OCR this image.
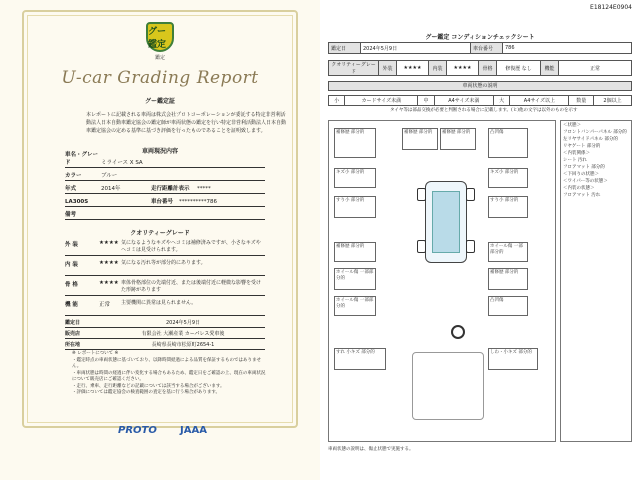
グー鑑定
鑑定
U-car Grading Report
グー鑑定証
本レポートに記載される車両は株式会社プロトコーポレーションが委託する特定非営利活動法人日本自動車鑑定協会の鑑定師が車両状態の鑑定を行い特定非営利活動法人日本自動車鑑定協会の定める基準に基づき評価を行ったものであることを証明致します。
車両現況内容
車名・グレード	ミライース X SA
カラー	ブルー
年式	2014年	走行距離計表示	*****
LA300S	車台番号	**********786
備考
クオリティーグレード
外 装	★★★★ 気になるようなキズやヘコミは補修済みですが、小さなキズやヘコミは見受けられます。
内 装	★★★★ 気になる汚れ等が部分的にあります。
骨 格	★★★★ 車体骨格部位の先端付近、または後端付近に軽微な影響を受けた形跡があります
機 能	正常	主要機関に異常は見られません。
鑑定日	2024年5月9日
販売店	有限会社 大瀬産業 カーパレス愛車後
所在地	長崎県長崎市松原町2654-1
※ レポートについて ※
・鑑定時点の車両状態に基づいており、以降時間経過による品質を保証するものではありません。
・車両状態は時間の経過に伴い変化する場合もあるため、鑑定日をご確認の上、現在の車両状況について販売店にご確認ください。
・走行、乗車、走行距離などの記載については該当する場合がございます。
・評価については鑑定協会の検査範囲の査定を基に行う場合があります。
PROTO JAAA
E18124E0904
グー鑑定 コンディションチェックシート
鑑定日	2024年5月9日	車台番号	786
クオリティーグレード	外装	★★★★	内装	★★★★	骨格	修復歴 なし	機能	正常
車両状態の説明
小	カードサイズ未満	中	A4サイズ未満	大	A4サイズ以上	数量	2個以上
タイヤ等は部品交換が必要と判断される場合に記載します。(ヒ)他の文字は以外のものを示す
補修歴 部分的	補修歴 部分的	補修歴 部分的	凸凹傷
キズ小 部分的	キズ小 部分的
すり小 部分的	すり小 部分的
補修歴 部分的	ホイール傷 一部部分的
ホイール傷 一部部分的
補修歴 部分的
ホイール傷 一部部分的
凸凹傷
すれ 小キズ 部分的	しわ・小キズ 部分的
＜状態＞
フロントバンパーパネル 部分的
左リヤサイドパネル 部分的
リヤゲート 部分的
＜内装関係＞
シート 汚れ
フロアマット 部分的
＜下回りの状態＞
＜ワイパー等の状態＞
＜内装の状態＞
フロアマット 汚れ
車両状態の説明は、傷止状態で実施する。
